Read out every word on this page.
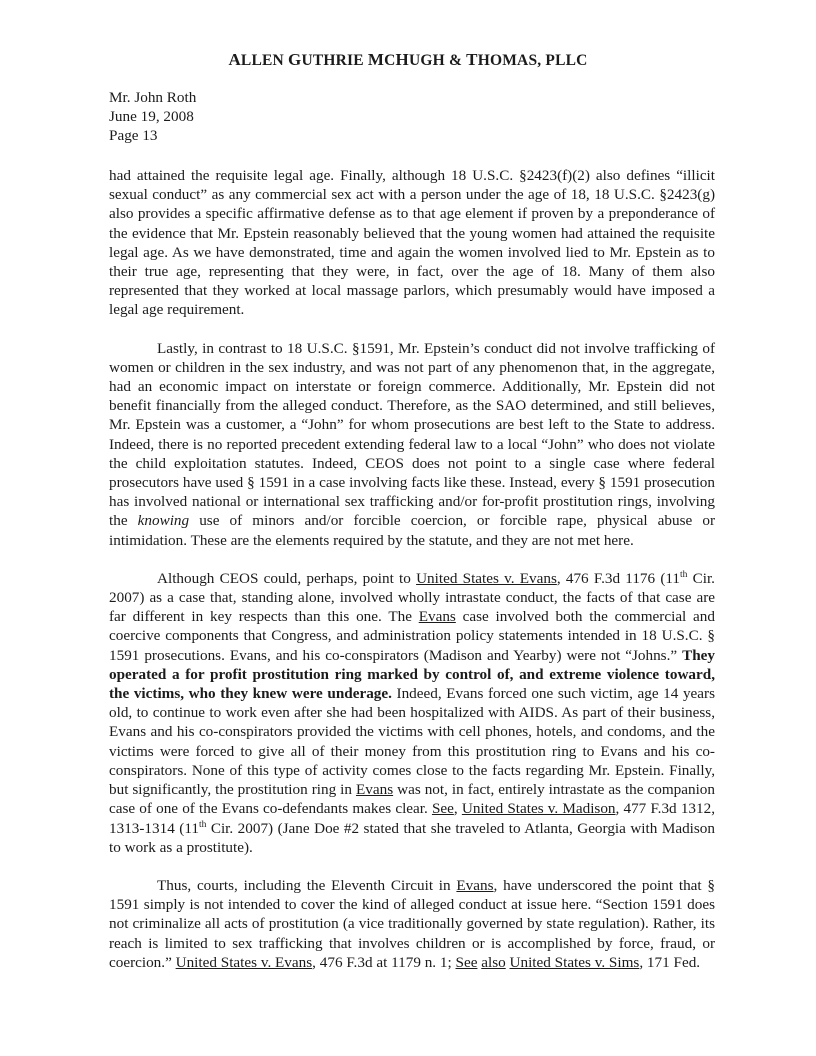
ALLEN GUTHRIE MCHUGH & THOMAS, PLLC
Mr. John Roth
June 19, 2008
Page 13

had attained the requisite legal age. Finally, although 18 U.S.C. §2423(f)(2) also defines “illicit sexual conduct” as any commercial sex act with a person under the age of 18, 18 U.S.C. §2423(g) also provides a specific affirmative defense as to that age element if proven by a preponderance of the evidence that Mr. Epstein reasonably believed that the young women had attained the requisite legal age. As we have demonstrated, time and again the women involved lied to Mr. Epstein as to their true age, representing that they were, in fact, over the age of 18. Many of them also represented that they worked at local massage parlors, which presumably would have imposed a legal age requirement.

Lastly, in contrast to 18 U.S.C. §1591, Mr. Epstein’s conduct did not involve trafficking of women or children in the sex industry, and was not part of any phenomenon that, in the aggregate, had an economic impact on interstate or foreign commerce. Additionally, Mr. Epstein did not benefit financially from the alleged conduct. Therefore, as the SAO determined, and still believes, Mr. Epstein was a customer, a “John” for whom prosecutions are best left to the State to address. Indeed, there is no reported precedent extending federal law to a local “John” who does not violate the child exploitation statutes. Indeed, CEOS does not point to a single case where federal prosecutors have used § 1591 in a case involving facts like these. Instead, every § 1591 prosecution has involved national or international sex trafficking and/or for-profit prostitution rings, involving the knowing use of minors and/or forcible coercion, or forcible rape, physical abuse or intimidation. These are the elements required by the statute, and they are not met here.

Although CEOS could, perhaps, point to United States v. Evans, 476 F.3d 1176 (11th Cir. 2007) as a case that, standing alone, involved wholly intrastate conduct, the facts of that case are far different in key respects than this one. The Evans case involved both the commercial and coercive components that Congress, and administration policy statements intended in 18 U.S.C. § 1591 prosecutions. Evans, and his co-conspirators (Madison and Yearby) were not “Johns.” They operated a for profit prostitution ring marked by control of, and extreme violence toward, the victims, who they knew were underage. Indeed, Evans forced one such victim, age 14 years old, to continue to work even after she had been hospitalized with AIDS. As part of their business, Evans and his co-conspirators provided the victims with cell phones, hotels, and condoms, and the victims were forced to give all of their money from this prostitution ring to Evans and his co-conspirators. None of this type of activity comes close to the facts regarding Mr. Epstein. Finally, but significantly, the prostitution ring in Evans was not, in fact, entirely intrastate as the companion case of one of the Evans co-defendants makes clear. See, United States v. Madison, 477 F.3d 1312, 1313-1314 (11th Cir. 2007) (Jane Doe #2 stated that she traveled to Atlanta, Georgia with Madison to work as a prostitute).

Thus, courts, including the Eleventh Circuit in Evans, have underscored the point that § 1591 simply is not intended to cover the kind of alleged conduct at issue here. “Section 1591 does not criminalize all acts of prostitution (a vice traditionally governed by state regulation). Rather, its reach is limited to sex trafficking that involves children or is accomplished by force, fraud, or coercion.” United States v. Evans, 476 F.3d at 1179 n. 1; See also United States v. Sims, 171 Fed.
